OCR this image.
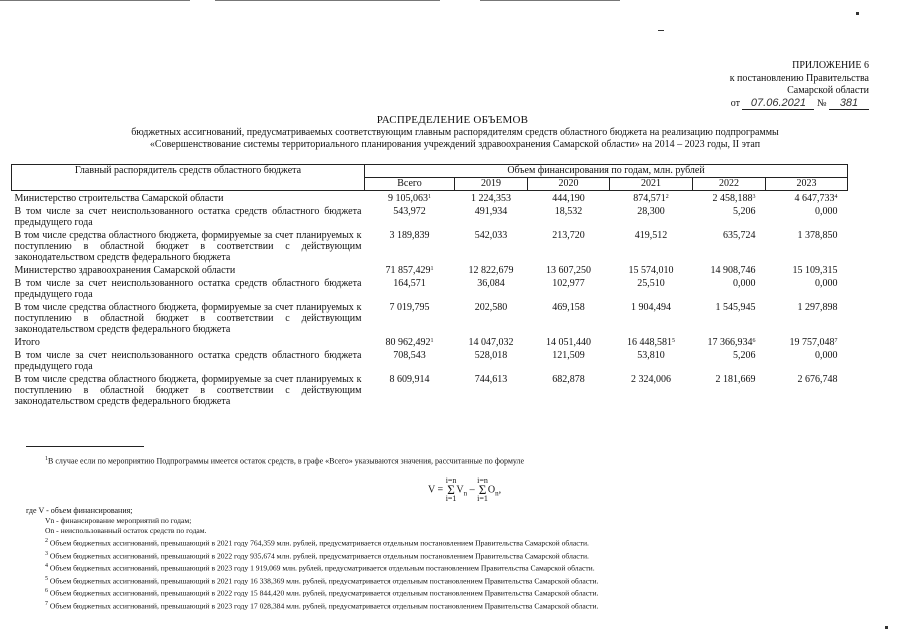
ПРИЛОЖЕНИЕ 6
к постановлению Правительства
Самарской области
от 07.06.2021 № 381
РАСПРЕДЕЛЕНИЕ ОБЪЕМОВ
бюджетных ассигнований, предусматриваемых соответствующим главным распорядителям средств областного бюджета на реализацию подпрограммы
«Совершенствование системы территориального планирования учреждений здравоохранения Самарской области» на 2014 – 2023 годы, II этап
Главный распорядитель средств областного бюджета	Объем финансирования по годам, млн. рублей					
	Всего	2019	2020	2021	2022	2023
Министерство строительства Самарской области	9 105,063$^1$	1 224,353	444,190	874,571$^2$	2 458,188$^3$	4 647,733$^4$
В том числе за счет неиспользованного остатка средств областного бюджета предыдущего года	543,972	491,934	18,532	28,300	5,206	0,000
В том числе средства областного бюджета, формируемые за счет планируемых к поступлению в областной бюджет в соответствии с действующим законодательством средств федерального бюджета	3 189,839	542,033	213,720	419,512	635,724	1 378,850
Министерство здравоохранения Самарской области	71 857,429$^1$	12 822,679	13 607,250	15 574,010	14 908,746	15 109,315
В том числе за счет неиспользованного остатка средств областного бюджета предыдущего года	164,571	36,084	102,977	25,510	0,000	0,000
В том числе средства областного бюджета, формируемые за счет планируемых к поступлению в областной бюджет в соответствии с действующим законодательством средств федерального бюджета	7 019,795	202,580	469,158	1 904,494	1 545,945	1 297,898
Итого	80 962,492$^1$	14 047,032	14 051,440	16 448,581$^5$	17 366,934$^6$	19 757,048$^7$
В том числе за счет неиспользованного остатка средств областного бюджета предыдущего года	708,543	528,018	121,509	53,810	5,206	0,000
В том числе средства областного бюджета, формируемые за счет планируемых к поступлению в областной бюджет в соответствии с действующим законодательством средств федерального бюджета	8 609,914	744,613	682,878	2 324,006	2 181,669	2 676,748
$^1$В случае если по мероприятию Подпрограммы имеется остаток средств, в графе «Всего» указываются значения, рассчитанные по формуле
V =
i=n
Σ
i=1
$V_n$ –
i=n
Σ
i=1
$O_n$,
где V - объем финансирования;
Vn - финансирование мероприятий по годам;
On - неиспользованный остаток средств по годам.
$^2$ Объем бюджетных ассигнований, превышающий в 2021 году 764,359 млн. рублей, предусматривается отдельным постановлением Правительства Самарской области.
$^3$ Объем бюджетных ассигнований, превышающий в 2022 году 935,674 млн. рублей, предусматривается отдельным постановлением Правительства Самарской области.
$^4$ Объем бюджетных ассигнований, превышающий в 2023 году 1 919,069 млн. рублей, предусматривается отдельным постановлением Правительства Самарской области.
$^5$ Объем бюджетных ассигнований, превышающий в 2021 году 16 338,369 млн. рублей, предусматривается отдельным постановлением Правительства Самарской области.
$^6$ Объем бюджетных ассигнований, превышающий в 2022 году 15 844,420 млн. рублей, предусматривается отдельным постановлением Правительства Самарской области.
$^7$ Объем бюджетных ассигнований, превышающий в 2023 году 17 028,384 млн. рублей, предусматривается отдельным постановлением Правительства Самарской области.
